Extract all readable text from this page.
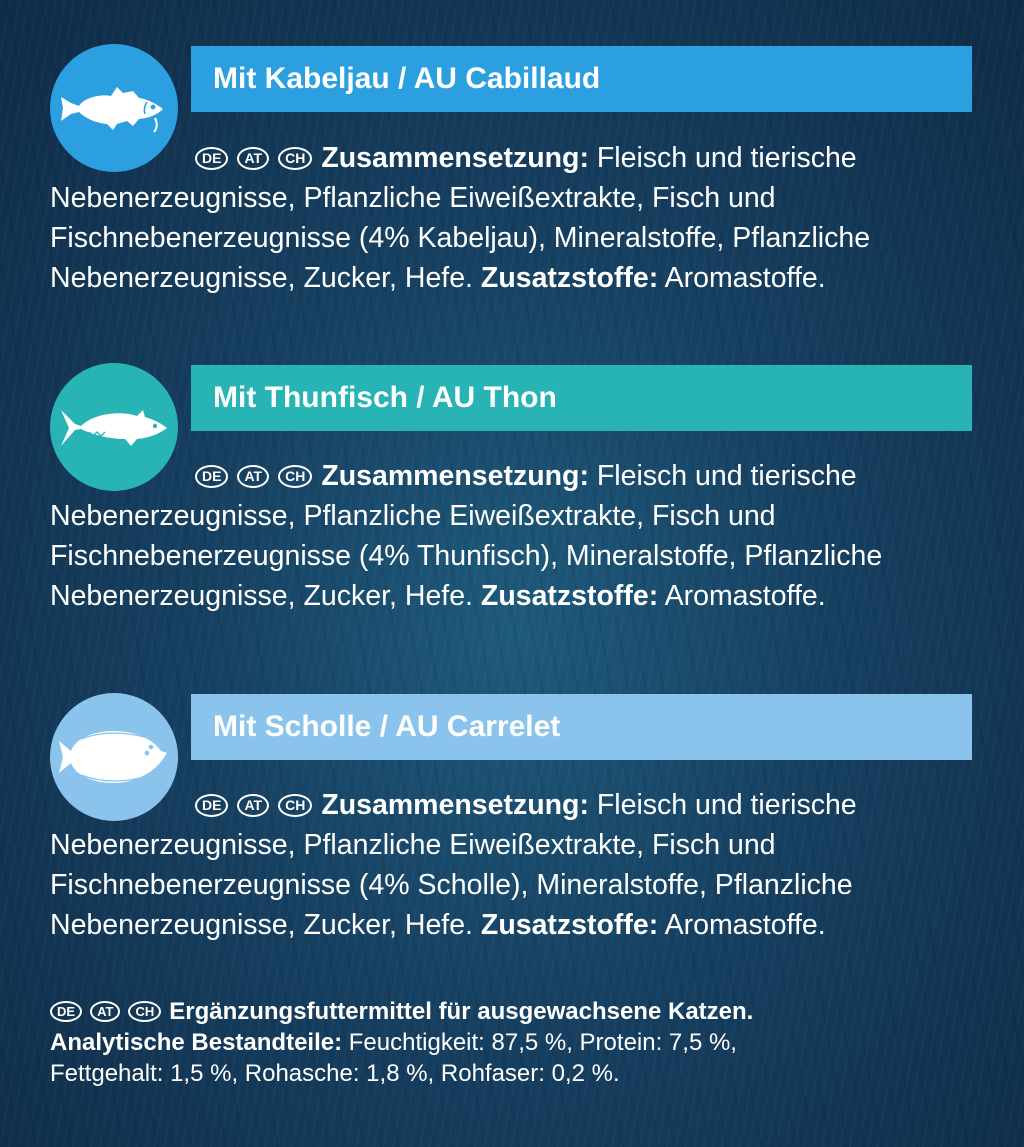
Mit Kabeljau / AU Cabillaud
DE AT CH Zusammensetzung: Fleisch und tierische
Nebenerzeugnisse, Pflanzliche Eiweißextrakte, Fisch und
Fischnebenerzeugnisse (4% Kabeljau), Mineralstoffe, Pflanzliche
Nebenerzeugnisse, Zucker, Hefe. Zusatzstoffe: Aromastoffe.
Mit Thunfisch / AU Thon
DE AT CH Zusammensetzung: Fleisch und tierische
Nebenerzeugnisse, Pflanzliche Eiweißextrakte, Fisch und
Fischnebenerzeugnisse (4% Thunfisch), Mineralstoffe, Pflanzliche
Nebenerzeugnisse, Zucker, Hefe. Zusatzstoffe: Aromastoffe.
Mit Scholle / AU Carrelet
DE AT CH Zusammensetzung: Fleisch und tierische
Nebenerzeugnisse, Pflanzliche Eiweißextrakte, Fisch und
Fischnebenerzeugnisse (4% Scholle), Mineralstoffe, Pflanzliche
Nebenerzeugnisse, Zucker, Hefe. Zusatzstoffe: Aromastoffe.
DE AT CH Ergänzungsfuttermittel für ausgewachsene Katzen.
Analytische Bestandteile: Feuchtigkeit: 87,5 %, Protein: 7,5 %,
Fettgehalt: 1,5 %, Rohasche: 1,8 %, Rohfaser: 0,2 %.
